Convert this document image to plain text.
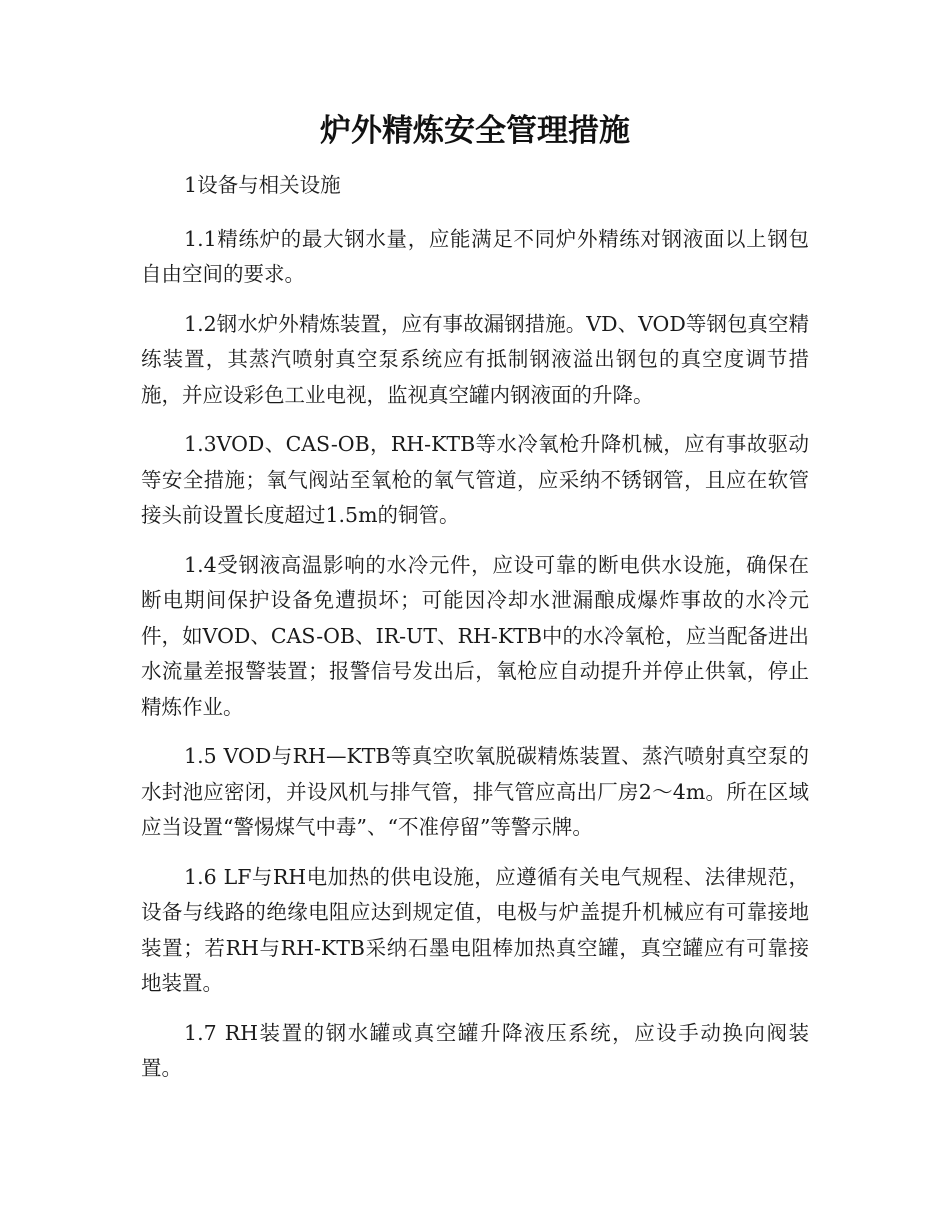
炉外精炼安全管理措施

1设备与相关设施

1.1精练炉的最大钢水量，应能满足不同炉外精练对钢液面以上钢包自由空间的要求。

1.2钢水炉外精炼装置，应有事故漏钢措施。VD、VOD等钢包真空精练装置，其蒸汽喷射真空泵系统应有抵制钢液溢出钢包的真空度调节措施，并应设彩色工业电视，监视真空罐内钢液面的升降。

1.3VOD、CAS-OB，RH-KTB等水冷氧枪升降机械，应有事故驱动等安全措施；氧气阀站至氧枪的氧气管道，应采纳不锈钢管，且应在软管接头前设置长度超过1.5m的铜管。

1.4受钢液高温影响的水冷元件，应设可靠的断电供水设施，确保在断电期间保护设备免遭损坏；可能因冷却水泄漏酿成爆炸事故的水冷元件，如VOD、CAS-OB、IR-UT、RH-KTB中的水冷氧枪，应当配备进出水流量差报警装置；报警信号发出后，氧枪应自动提升并停止供氧，停止精炼作业。

1.5 VOD与RH—KTB等真空吹氧脱碳精炼装置、蒸汽喷射真空泵的水封池应密闭，并设风机与排气管，排气管应高出厂房2～4m。所在区域应当设置“警惕煤气中毒”、“不准停留”等警示牌。

1.6 LF与RH电加热的供电设施，应遵循有关电气规程、法律规范，设备与线路的绝缘电阻应达到规定值，电极与炉盖提升机械应有可靠接地装置；若RH与RH-KTB采纳石墨电阻棒加热真空罐，真空罐应有可靠接地装置。

1.7 RH装置的钢水罐或真空罐升降液压系统，应设手动换向阀装置。
